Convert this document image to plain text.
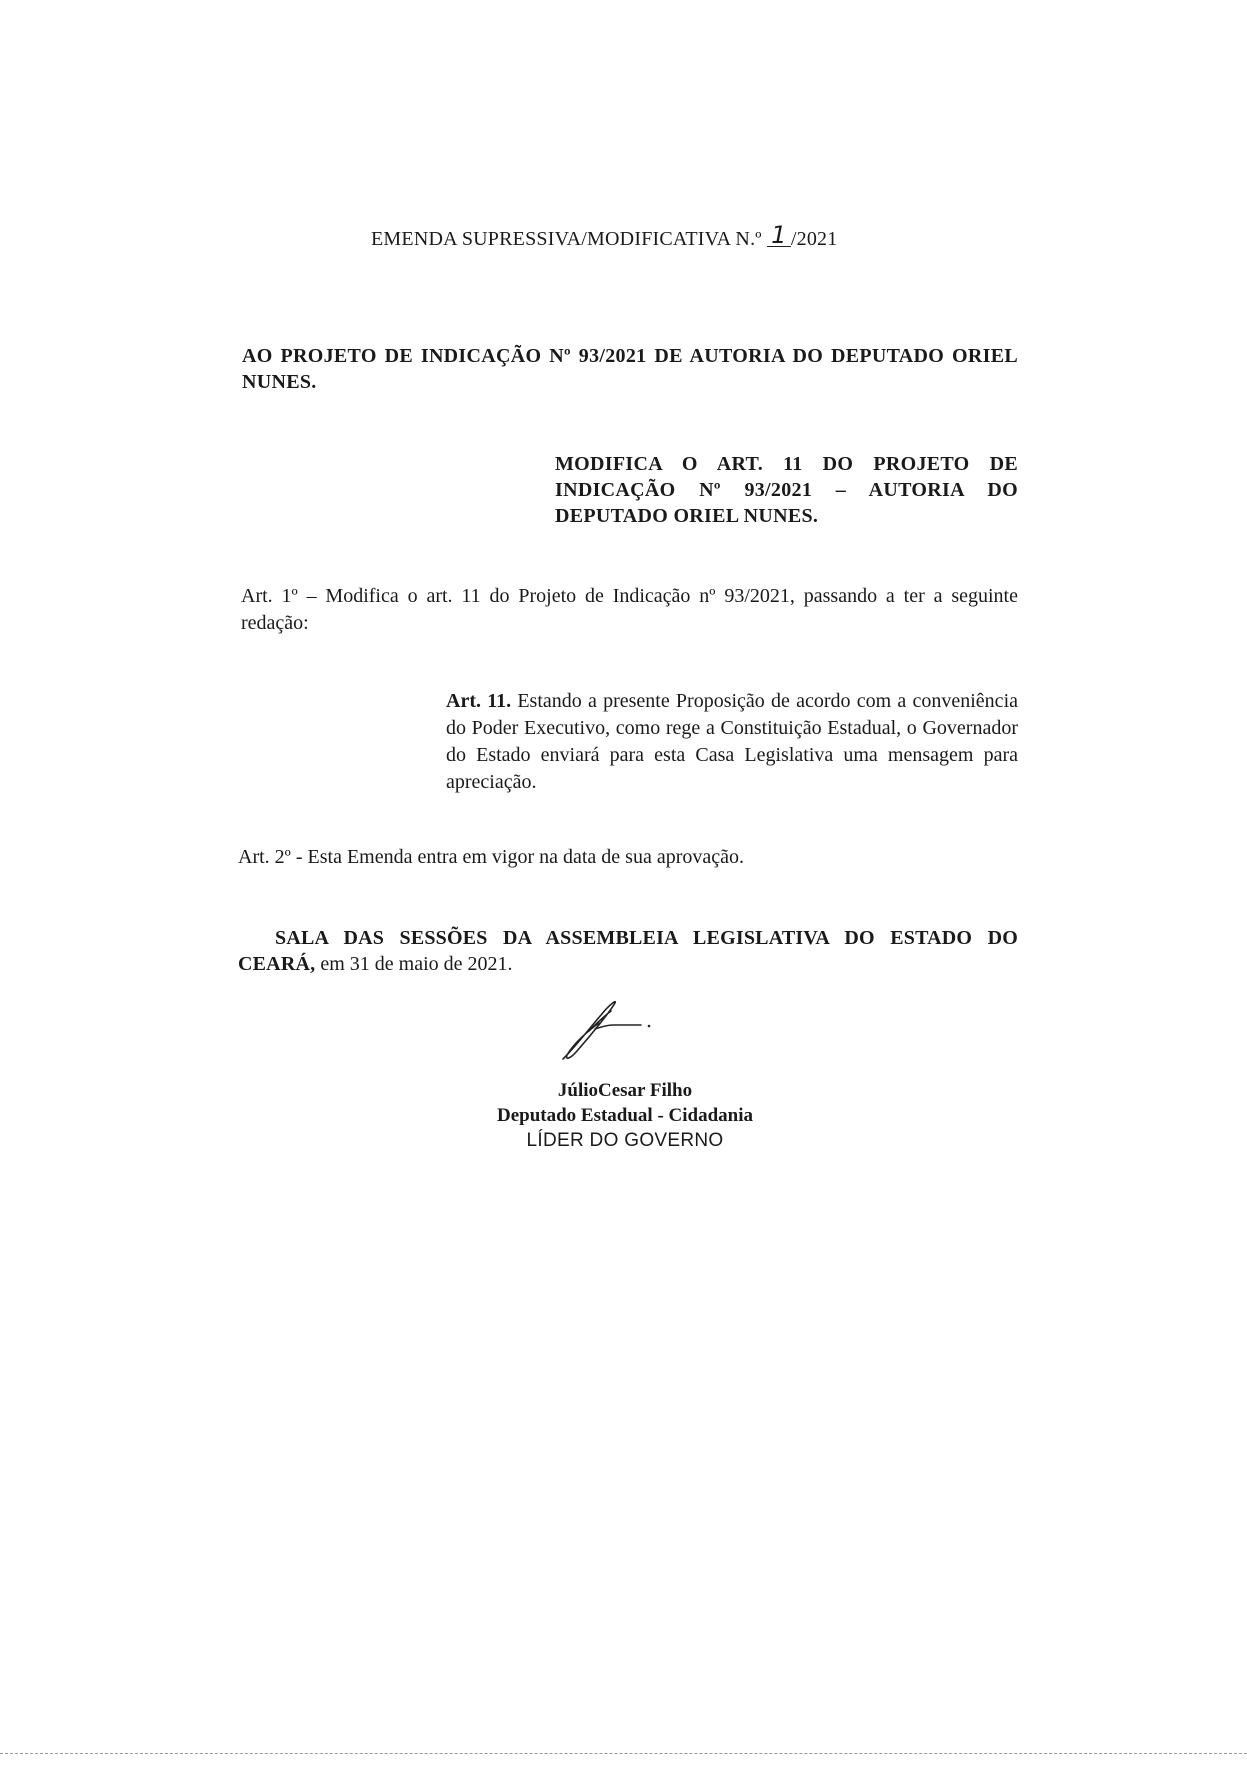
EMENDA SUPRESSIVA/MODIFICATIVA N.º 1 /2021
AO PROJETO DE INDICAÇÃO Nº 93/2021 DE AUTORIA DO DEPUTADO ORIEL NUNES.
MODIFICA O ART. 11 DO PROJETO DE INDICAÇÃO Nº 93/2021 – AUTORIA DO DEPUTADO ORIEL NUNES.
Art. 1º – Modifica o art. 11 do Projeto de Indicação nº 93/2021, passando a ter a seguinte redação:
Art. 11. Estando a presente Proposição de acordo com a conveniência do Poder Executivo, como rege a Constituição Estadual, o Governador do Estado enviará para esta Casa Legislativa uma mensagem para apreciação.
Art. 2º - Esta Emenda entra em vigor na data de sua aprovação.
SALA DAS SESSÕES DA ASSEMBLEIA LEGISLATIVA DO ESTADO DO CEARÁ, em 31 de maio de 2021.
JúlioCesar Filho
Deputado Estadual - Cidadania
LÍDER DO GOVERNO
